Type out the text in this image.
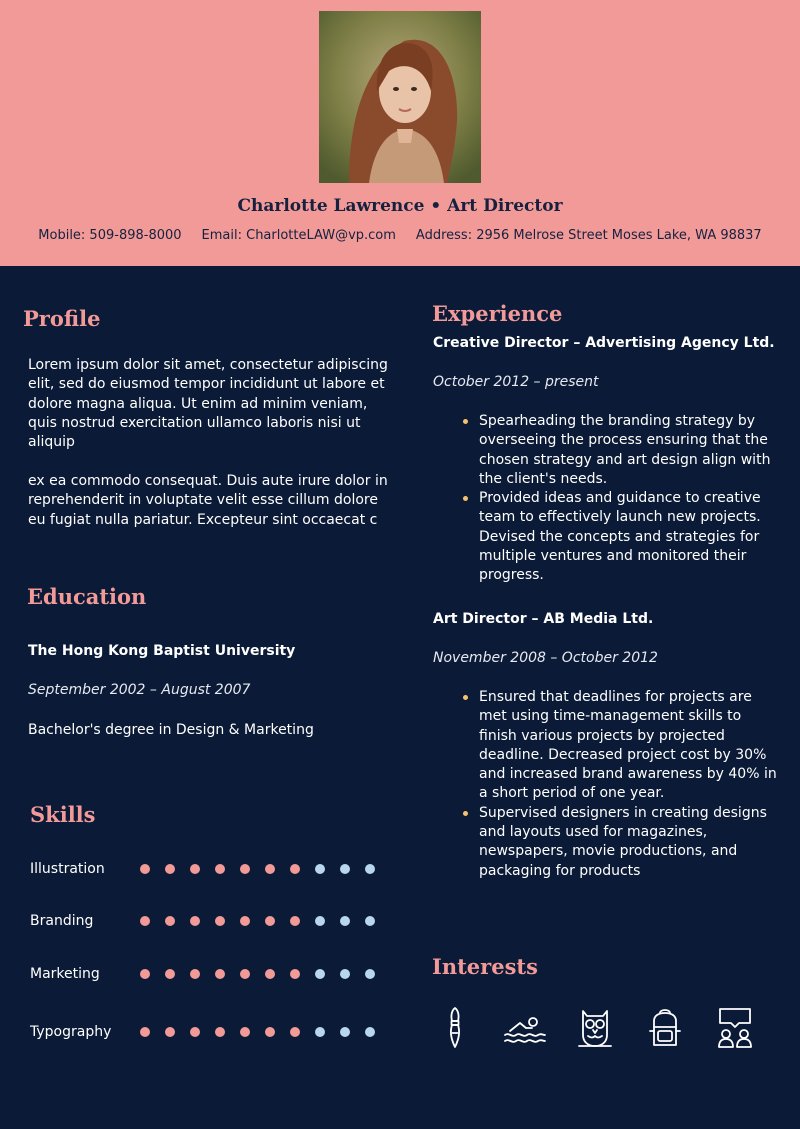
Charlotte Lawrence • Art Director
Mobile: 509-898-8000 Email: CharlotteLAW@vp.com Address: 2956 Melrose Street Moses Lake, WA 98837
Profile
Lorem ipsum dolor sit amet, consectetur adipiscing elit, sed do eiusmod tempor incididunt ut labore et dolore magna aliqua. Ut enim ad minim veniam, quis nostrud exercitation ullamco laboris nisi ut aliquip
ex ea commodo consequat. Duis aute irure dolor in reprehenderit in voluptate velit esse cillum dolore eu fugiat nulla pariatur. Excepteur sint occaecat c
Education
The Hong Kong Baptist University
September 2002 – August 2007
Bachelor's degree in Design & Marketing
Skills
Illustration
Branding
Marketing
Typography
Experience
Creative Director – Advertising Agency Ltd.
October 2012 – present
Spearheading the branding strategy by overseeing the process ensuring that the chosen strategy and art design align with the client's needs.
Provided ideas and guidance to creative team to effectively launch new projects. Devised the concepts and strategies for multiple ventures and monitored their progress.
Art Director – AB Media Ltd.
November 2008 – October 2012
Ensured that deadlines for projects are met using time-management skills to finish various projects by projected deadline. Decreased project cost by 30% and increased brand awareness by 40% in a short period of one year.
Supervised designers in creating designs and layouts used for magazines, newspapers, movie productions, and packaging for products
Interests
